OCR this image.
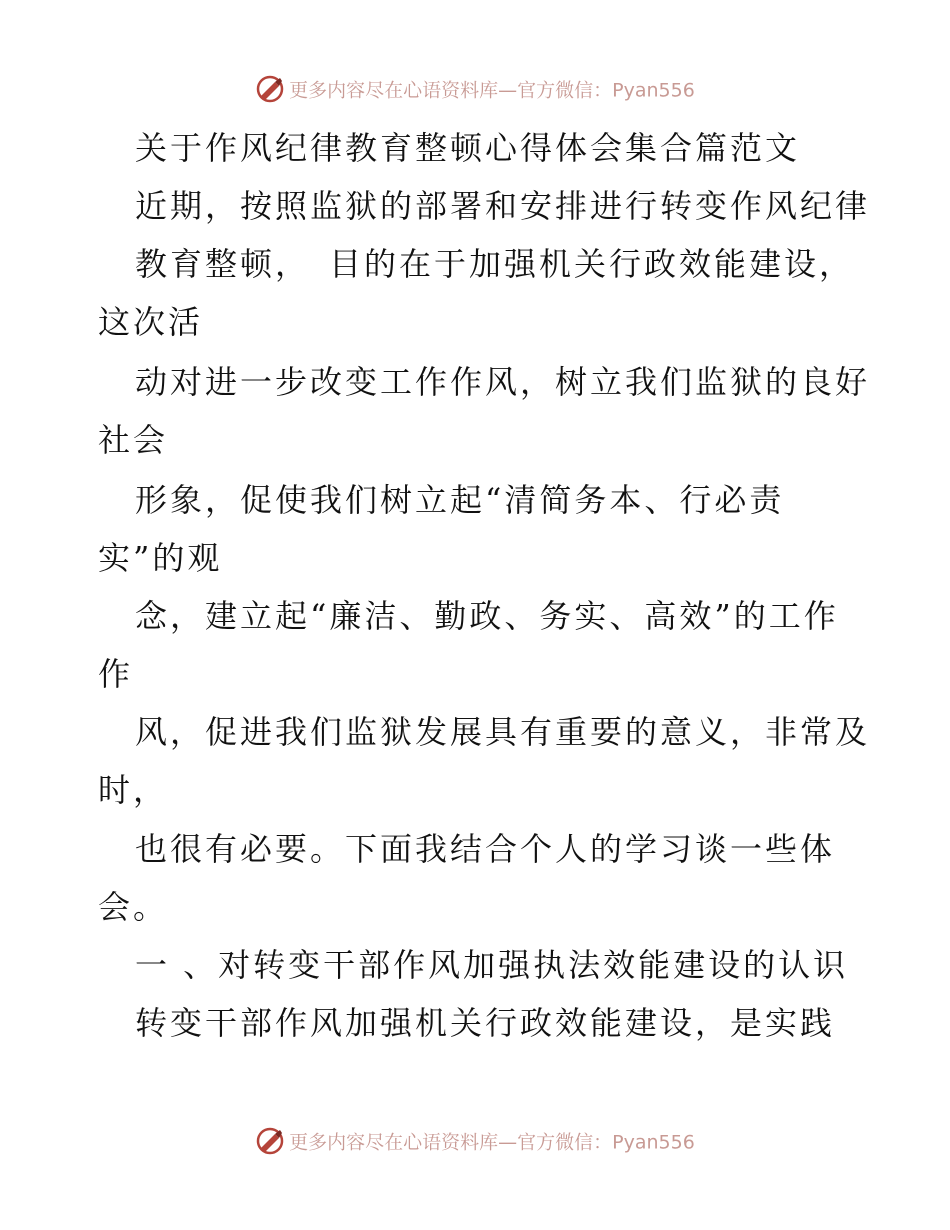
更多内容尽在心语资料库—官方微信：Pyan556
关于作风纪律教育整顿心得体会集合篇范文
近期，按照监狱的部署和安排进行转变作风纪律
教育整顿，　目的在于加强机关行政效能建设，
这次活
动对进一步改变工作作风，树立我们监狱的良好
社会
形象，促使我们树立起“清简务本、行必责
实”的观
念，建立起“廉洁、勤政、务实、高效”的工作
作
风，促进我们监狱发展具有重要的意义，非常及
时，
也很有必要。下面我结合个人的学习谈一些体
会。
一 、对转变干部作风加强执法效能建设的认识
转变干部作风加强机关行政效能建设，是实践
更多内容尽在心语资料库—官方微信：Pyan556
